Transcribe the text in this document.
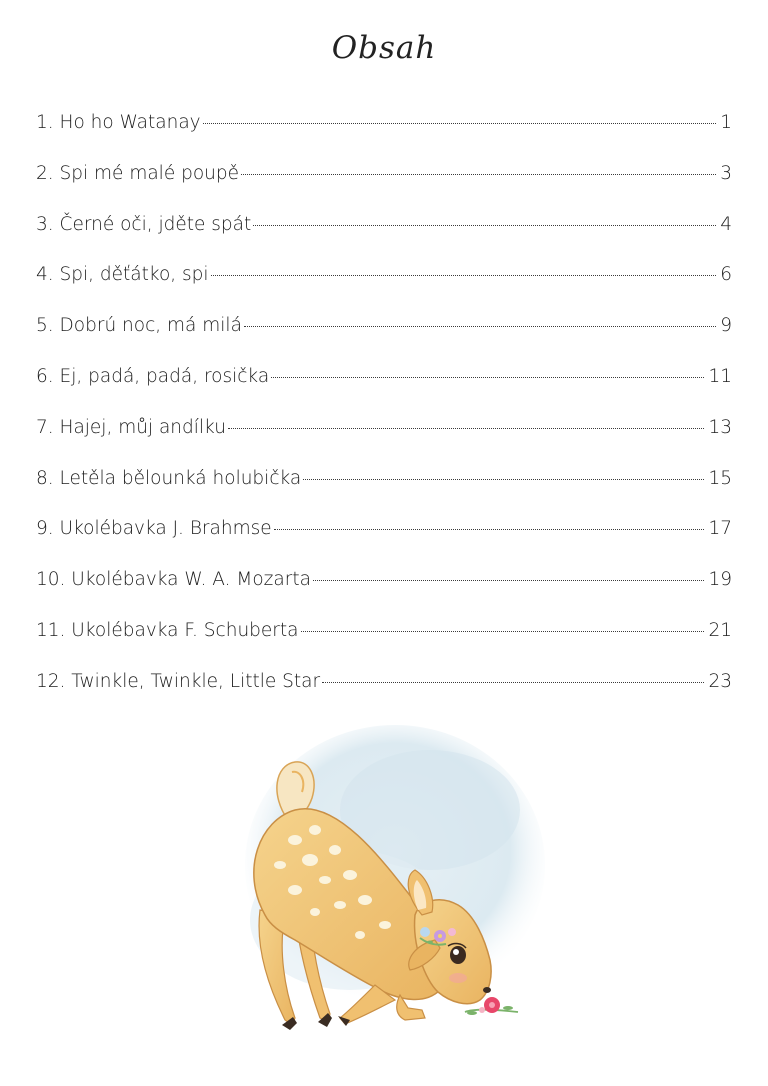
Obsah
1. Ho ho Watanay	1
2. Spi mé malé poupě	3
3. Černé oči, jděte spát	4
4. Spi, děťátko, spi	6
5. Dobrú noc, má milá	9
6. Ej, padá, padá, rosička	11
7. Hajej, můj andílku	13
8. Letěla bělounká holubička	15
9. Ukolébavka J. Brahmse	17
10. Ukolébavka W. A. Mozarta	19
11. Ukolébavka F. Schuberta	21
12. Twinkle, Twinkle, Little Star	23
